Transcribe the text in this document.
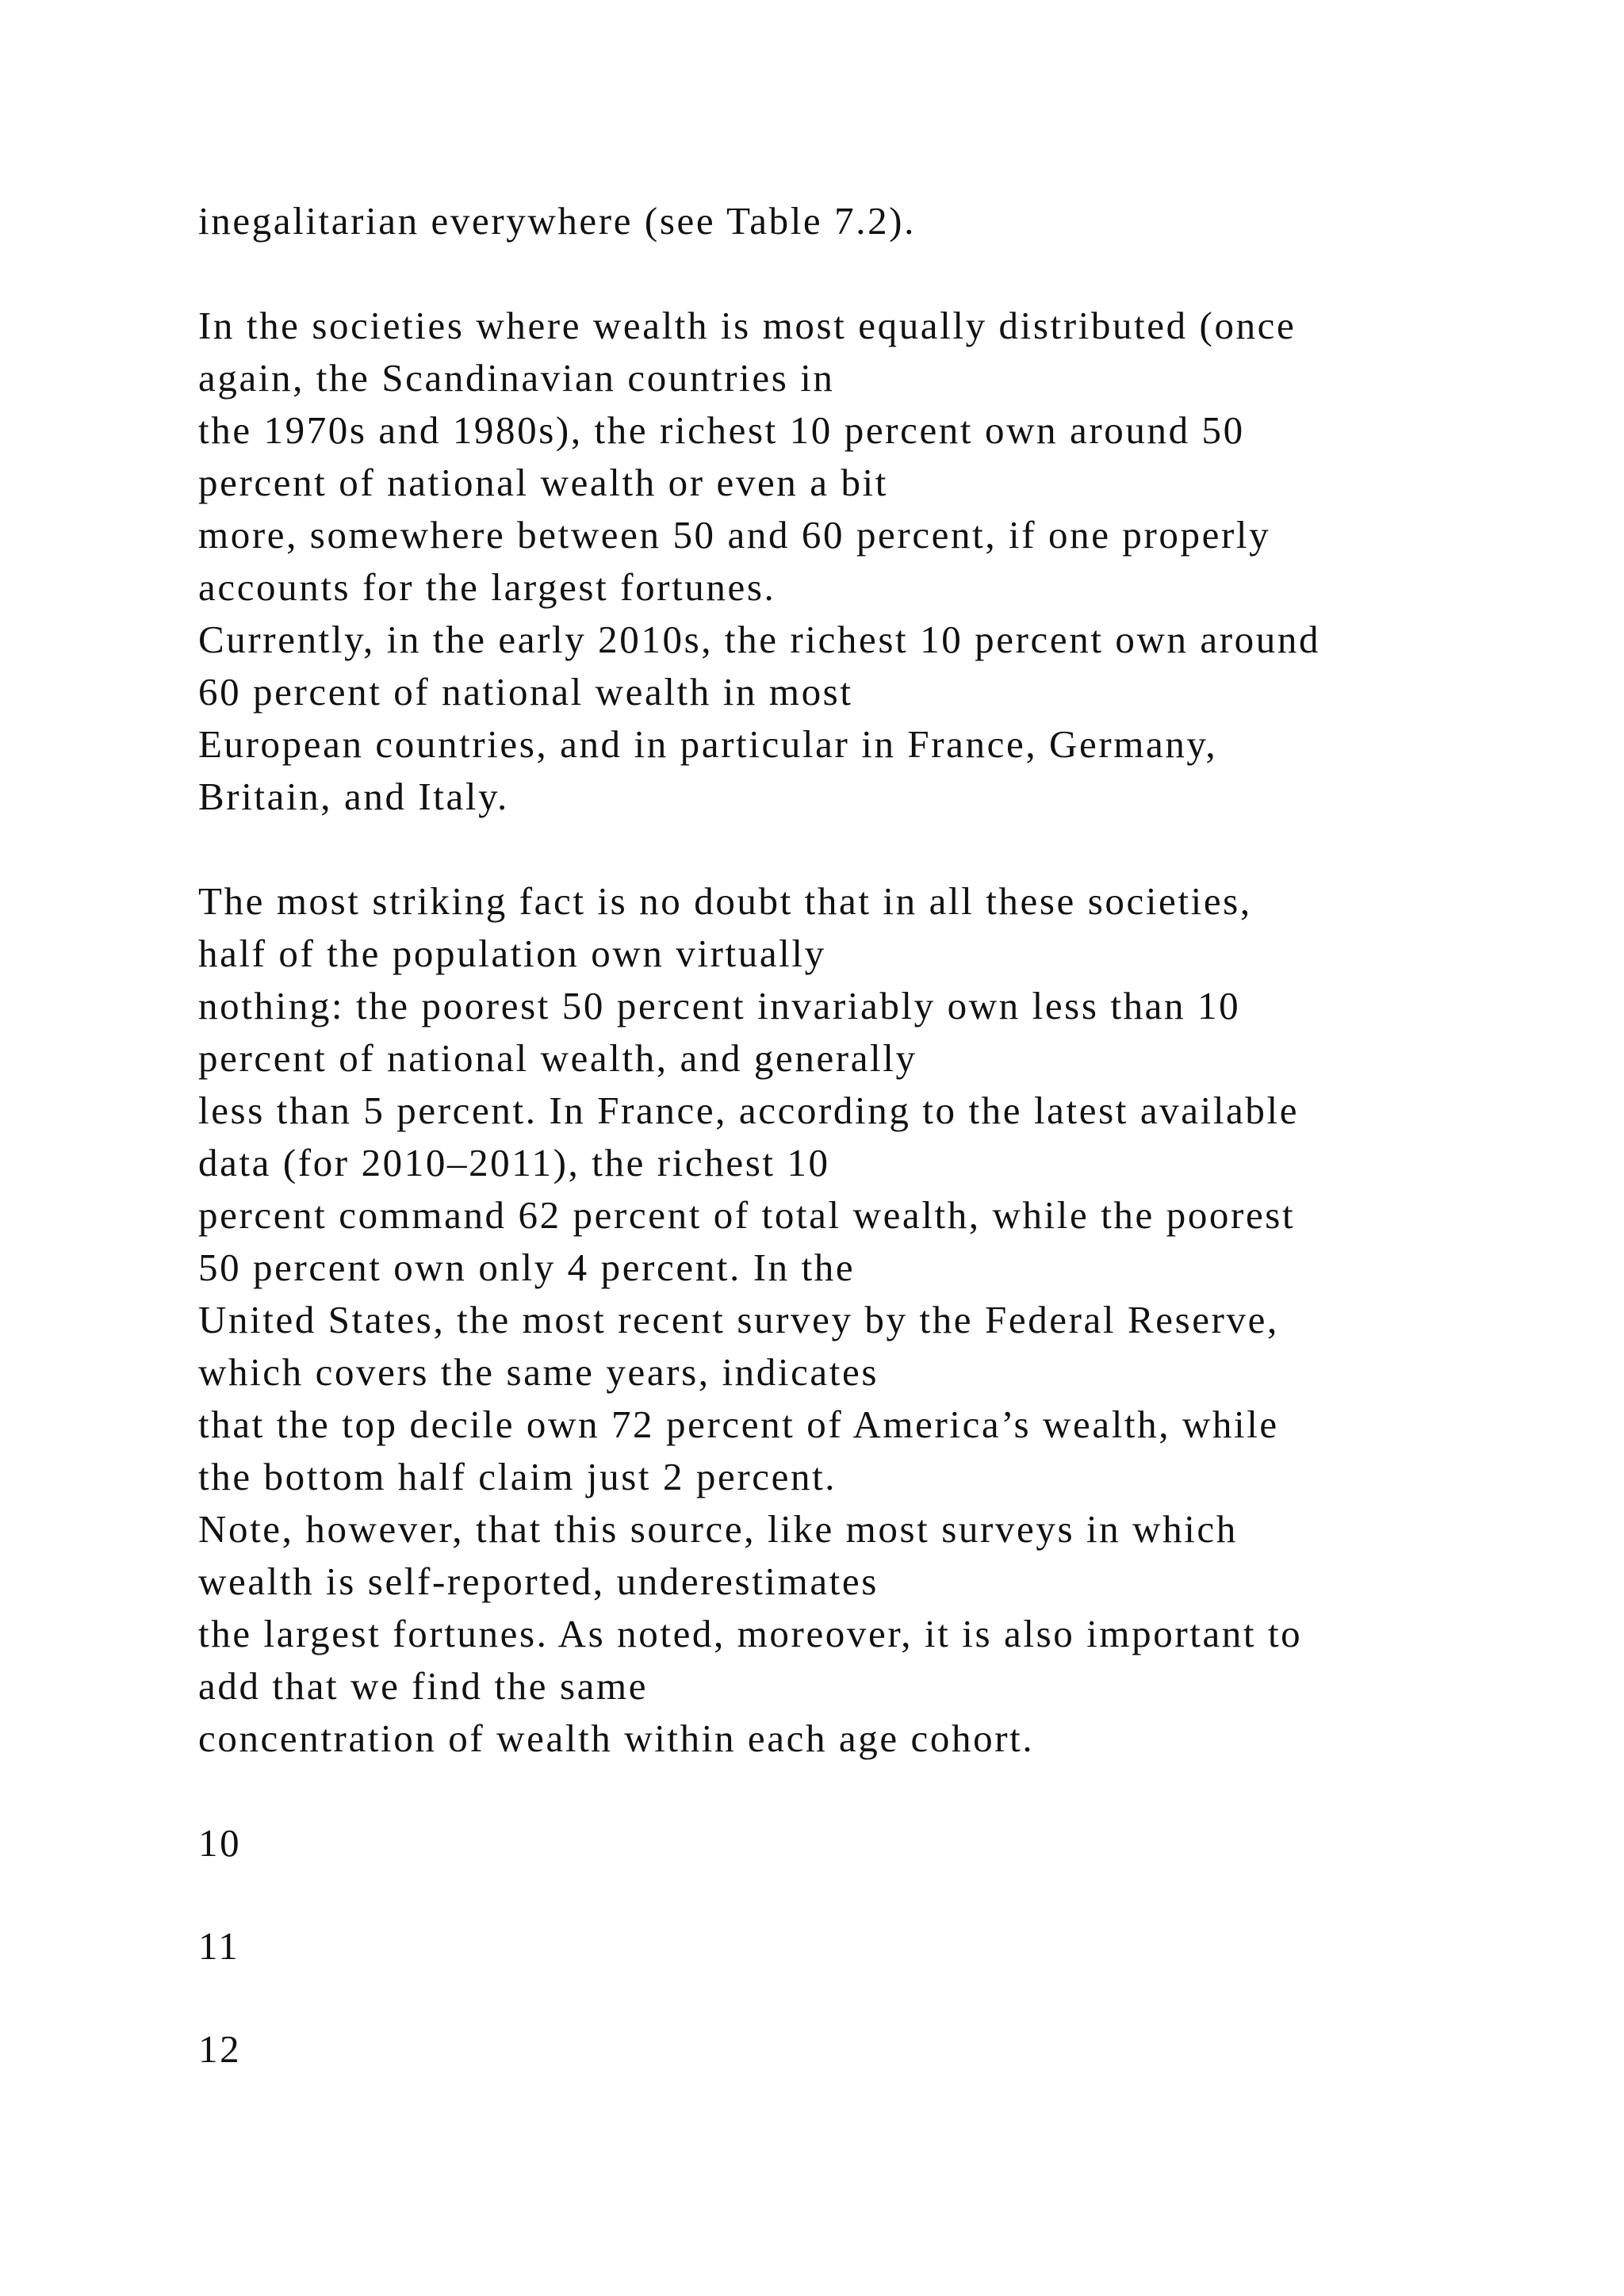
inegalitarian everywhere (see Table 7.2).
In the societies where wealth is most equally distributed (once
again, the Scandinavian countries in
the 1970s and 1980s), the richest 10 percent own around 50
percent of national wealth or even a bit
more, somewhere between 50 and 60 percent, if one properly
accounts for the largest fortunes.
Currently, in the early 2010s, the richest 10 percent own around
60 percent of national wealth in most
European countries, and in particular in France, Germany,
Britain, and Italy.
The most striking fact is no doubt that in all these societies,
half of the population own virtually
nothing: the poorest 50 percent invariably own less than 10
percent of national wealth, and generally
less than 5 percent. In France, according to the latest available
data (for 2010–2011), the richest 10
percent command 62 percent of total wealth, while the poorest
50 percent own only 4 percent. In the
United States, the most recent survey by the Federal Reserve,
which covers the same years, indicates
that the top decile own 72 percent of America’s wealth, while
the bottom half claim just 2 percent.
Note, however, that this source, like most surveys in which
wealth is self-reported, underestimates
the largest fortunes. As noted, moreover, it is also important to
add that we find the same
concentration of wealth within each age cohort.
10
11
12
